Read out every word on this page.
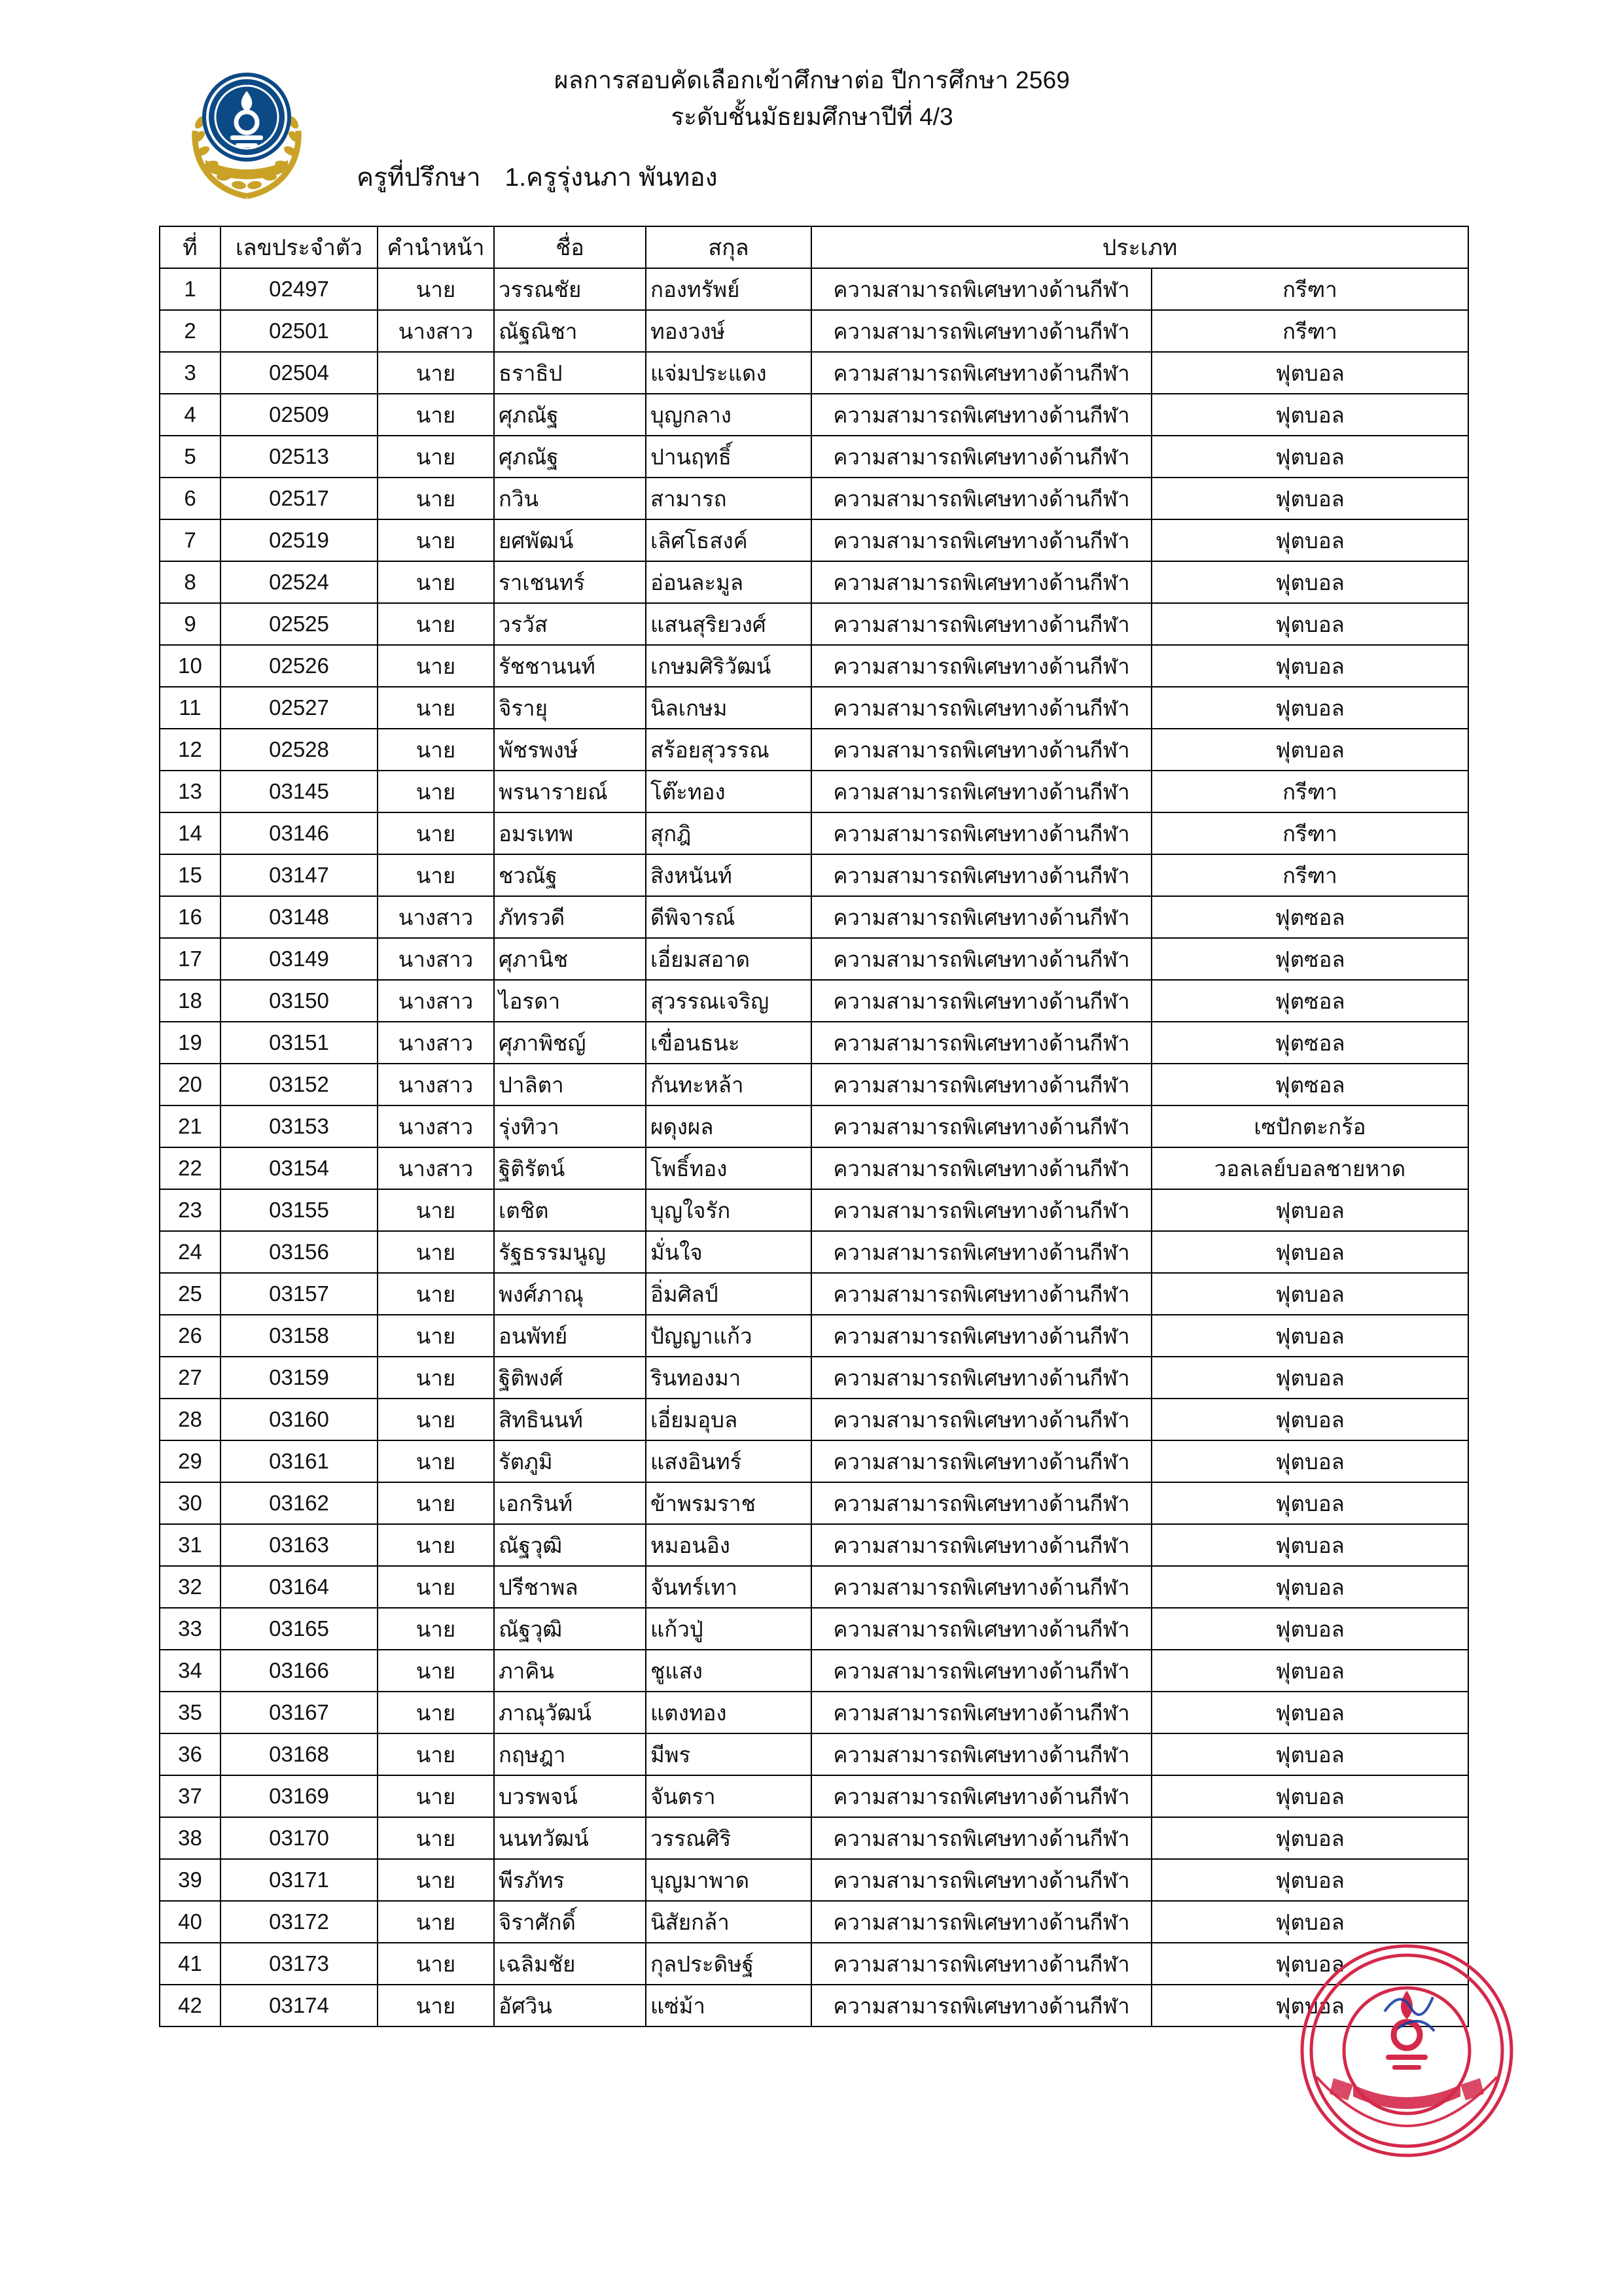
ผลการสอบคัดเลือกเข้าศึกษาต่อ ปีการศึกษา 2569
ระดับชั้นมัธยมศึกษาปีที่ 4/3
ครูที่ปรึกษา 1.ครูรุ่งนภา พันทอง
ที่	เลขประจำตัว	คำนำหน้า	ชื่อ	สกุล	ประเภท	
1	02497	นาย	วรรณชัย	กองทรัพย์	ความสามารถพิเศษทางด้านกีฬา	กรีฑา
2	02501	นางสาว	ณัฐณิชา	ทองวงษ์	ความสามารถพิเศษทางด้านกีฬา	กรีฑา
3	02504	นาย	ธราธิป	แจ่มประแดง	ความสามารถพิเศษทางด้านกีฬา	ฟุตบอล
4	02509	นาย	ศุภณัฐ	บุญกลาง	ความสามารถพิเศษทางด้านกีฬา	ฟุตบอล
5	02513	นาย	ศุภณัฐ	ปานฤทธิ์	ความสามารถพิเศษทางด้านกีฬา	ฟุตบอล
6	02517	นาย	กวิน	สามารถ	ความสามารถพิเศษทางด้านกีฬา	ฟุตบอล
7	02519	นาย	ยศพัฒน์	เลิศโธสงค์	ความสามารถพิเศษทางด้านกีฬา	ฟุตบอล
8	02524	นาย	ราเชนทร์	อ่อนละมูล	ความสามารถพิเศษทางด้านกีฬา	ฟุตบอล
9	02525	นาย	วรวัส	แสนสุริยวงศ์	ความสามารถพิเศษทางด้านกีฬา	ฟุตบอล
10	02526	นาย	รัชชานนท์	เกษมศิริวัฒน์	ความสามารถพิเศษทางด้านกีฬา	ฟุตบอล
11	02527	นาย	จิรายุ	นิลเกษม	ความสามารถพิเศษทางด้านกีฬา	ฟุตบอล
12	02528	นาย	พัชรพงษ์	สร้อยสุวรรณ	ความสามารถพิเศษทางด้านกีฬา	ฟุตบอล
13	03145	นาย	พรนารายณ์	โต๊ะทอง	ความสามารถพิเศษทางด้านกีฬา	กรีฑา
14	03146	นาย	อมรเทพ	สุกฎิ	ความสามารถพิเศษทางด้านกีฬา	กรีฑา
15	03147	นาย	ชวณัฐ	สิงหนันท์	ความสามารถพิเศษทางด้านกีฬา	กรีฑา
16	03148	นางสาว	ภัทรวดี	ดีพิจารณ์	ความสามารถพิเศษทางด้านกีฬา	ฟุตซอล
17	03149	นางสาว	ศุภานิช	เอี่ยมสอาด	ความสามารถพิเศษทางด้านกีฬา	ฟุตซอล
18	03150	นางสาว	ไอรดา	สุวรรณเจริญ	ความสามารถพิเศษทางด้านกีฬา	ฟุตซอล
19	03151	นางสาว	ศุภาพิชญ์	เขื่อนธนะ	ความสามารถพิเศษทางด้านกีฬา	ฟุตซอล
20	03152	นางสาว	ปาลิตา	กันทะหล้า	ความสามารถพิเศษทางด้านกีฬา	ฟุตซอล
21	03153	นางสาว	รุ่งทิวา	ผดุงผล	ความสามารถพิเศษทางด้านกีฬา	เซปักตะกร้อ
22	03154	นางสาว	ฐิติรัตน์	โพธิ์ทอง	ความสามารถพิเศษทางด้านกีฬา	วอลเลย์บอลชายหาด
23	03155	นาย	เตชิต	บุญใจรัก	ความสามารถพิเศษทางด้านกีฬา	ฟุตบอล
24	03156	นาย	รัฐธรรมนูญ	มั่นใจ	ความสามารถพิเศษทางด้านกีฬา	ฟุตบอล
25	03157	นาย	พงศ์ภาณุ	อิ่มศิลป์	ความสามารถพิเศษทางด้านกีฬา	ฟุตบอล
26	03158	นาย	อนพัทย์	ปัญญาแก้ว	ความสามารถพิเศษทางด้านกีฬา	ฟุตบอล
27	03159	นาย	ฐิติพงศ์	รินทองมา	ความสามารถพิเศษทางด้านกีฬา	ฟุตบอล
28	03160	นาย	สิทธินนท์	เอี่ยมอุบล	ความสามารถพิเศษทางด้านกีฬา	ฟุตบอล
29	03161	นาย	รัตภูมิ	แสงอินทร์	ความสามารถพิเศษทางด้านกีฬา	ฟุตบอล
30	03162	นาย	เอกรินท์	ข้าพรมราช	ความสามารถพิเศษทางด้านกีฬา	ฟุตบอล
31	03163	นาย	ณัฐวุฒิ	หมอนอิง	ความสามารถพิเศษทางด้านกีฬา	ฟุตบอล
32	03164	นาย	ปรีชาพล	จันทร์เทา	ความสามารถพิเศษทางด้านกีฬา	ฟุตบอล
33	03165	นาย	ณัฐวุฒิ	แก้วปู่	ความสามารถพิเศษทางด้านกีฬา	ฟุตบอล
34	03166	นาย	ภาคิน	ชูแสง	ความสามารถพิเศษทางด้านกีฬา	ฟุตบอล
35	03167	นาย	ภาณุวัฒน์	แตงทอง	ความสามารถพิเศษทางด้านกีฬา	ฟุตบอล
36	03168	นาย	กฤษฎา	มีพร	ความสามารถพิเศษทางด้านกีฬา	ฟุตบอล
37	03169	นาย	บวรพจน์	จันตรา	ความสามารถพิเศษทางด้านกีฬา	ฟุตบอล
38	03170	นาย	นนทวัฒน์	วรรณศิริ	ความสามารถพิเศษทางด้านกีฬา	ฟุตบอล
39	03171	นาย	พีรภัทร	บุญมาพาด	ความสามารถพิเศษทางด้านกีฬา	ฟุตบอล
40	03172	นาย	จิราศักดิ์	นิสัยกล้า	ความสามารถพิเศษทางด้านกีฬา	ฟุตบอล
41	03173	นาย	เฉลิมชัย	กุลประดิษฐ์	ความสามารถพิเศษทางด้านกีฬา	ฟุตบอล
42	03174	นาย	อัศวิน	แซ่ม้า	ความสามารถพิเศษทางด้านกีฬา	ฟุตบอล
